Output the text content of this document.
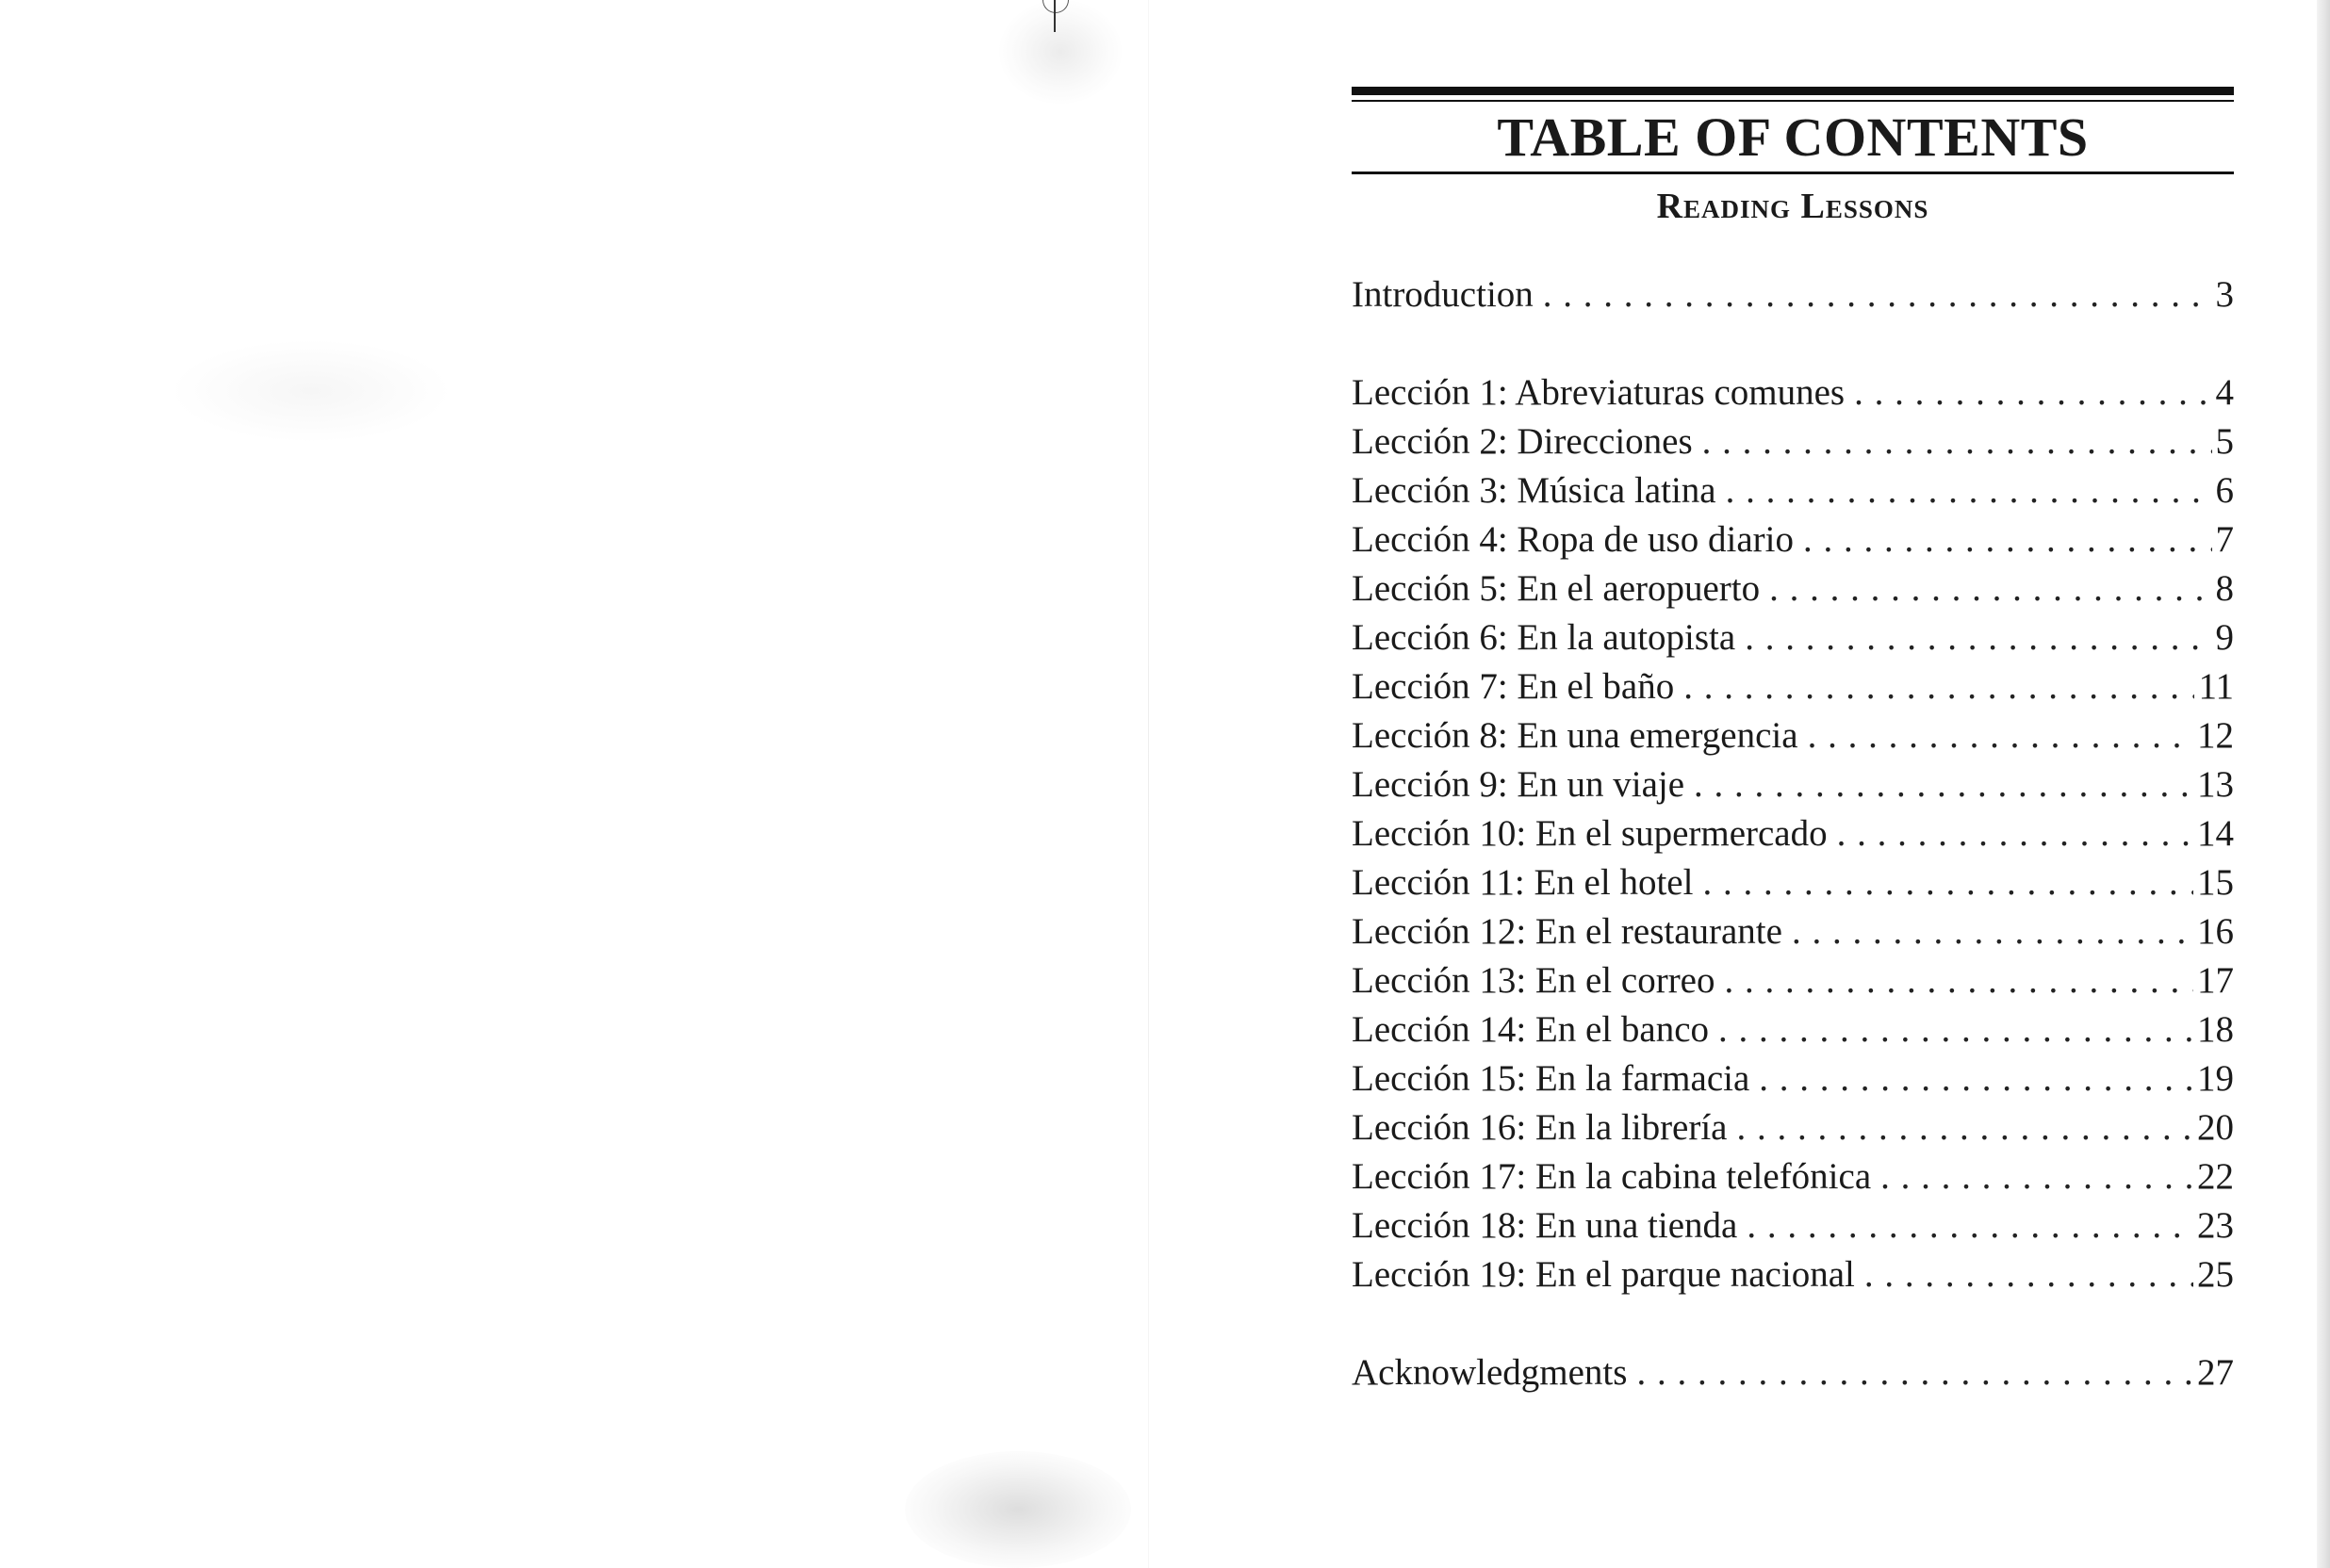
TABLE OF CONTENTS
Reading Lessons
Introduction . . .	3
Lección 1: Abreviaturas comunes . . .	4
Lección 2: Direcciones . . .	5
Lección 3: Música latina . . .	6
Lección 4: Ropa de uso diario . . .	7
Lección 5: En el aeropuerto . . .	8
Lección 6: En la autopista . . .	9
Lección 7: En el baño . . .	11
Lección 8: En una emergencia . . .	12
Lección 9: En un viaje . . .	13
Lección 10: En el supermercado . . .	14
Lección 11: En el hotel . . .	15
Lección 12: En el restaurante . . .	16
Lección 13: En el correo . . .	17
Lección 14: En el banco . . .	18
Lección 15: En la farmacia . . .	19
Lección 16: En la librería . . .	20
Lección 17: En la cabina telefónica . . .	22
Lección 18: En una tienda . . .	23
Lección 19: En el parque nacional . . .	25
Acknowledgments . . .	27
